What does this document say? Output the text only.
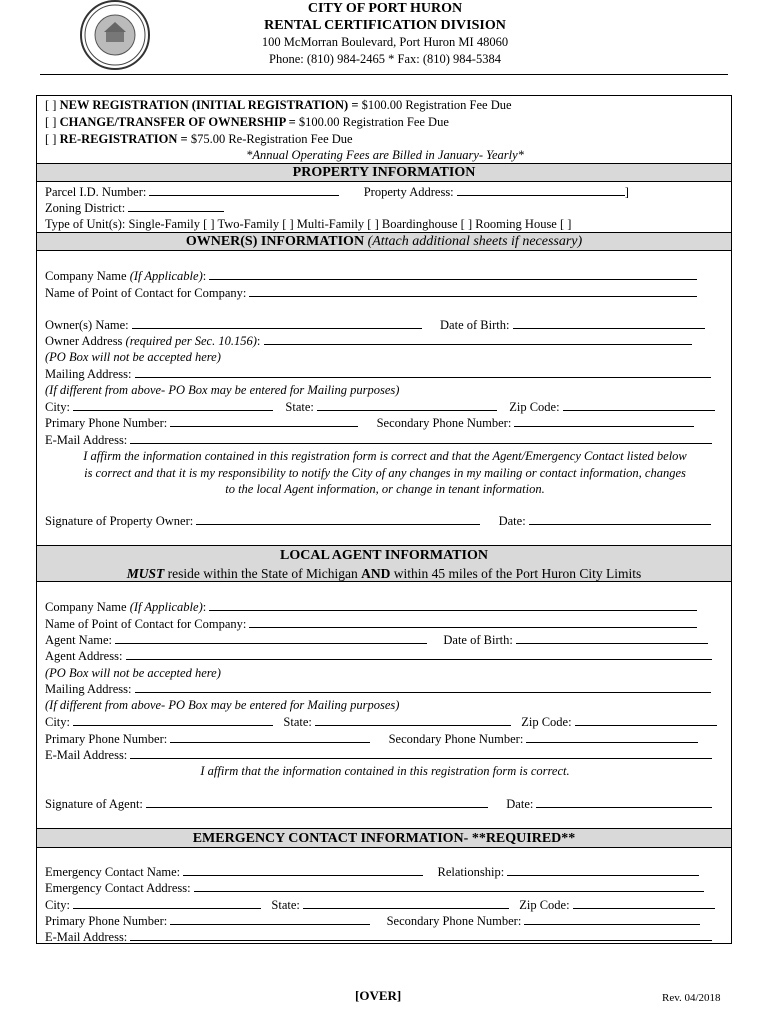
CITY OF PORT HURON
RENTAL CERTIFICATION DIVISION
100 McMorran Boulevard, Port Huron MI 48060
Phone: (810) 984-2465 * Fax: (810) 984-5384
[ ] NEW REGISTRATION (INITIAL REGISTRATION) = $100.00 Registration Fee Due
[ ] CHANGE/TRANSFER OF OWNERSHIP = $100.00 Registration Fee Due
[ ] RE-REGISTRATION = $75.00 Re-Registration Fee Due
*Annual Operating Fees are Billed in January- Yearly*
PROPERTY INFORMATION
Parcel I.D. Number:	Property Address:	]
Zoning District:
Type of Unit(s): Single-Family [ ] Two-Family [ ] Multi-Family [ ] Boardinghouse [ ] Rooming House [ ]
OWNER(S) INFORMATION (Attach additional sheets if necessary)
Company Name (If Applicable):
Name of Point of Contact for Company:
Owner(s) Name:	Date of Birth:
Owner Address (required per Sec. 10.156):
(PO Box will not be accepted here)
Mailing Address:
(If different from above- PO Box may be entered for Mailing purposes)
City:	State:	Zip Code:
Primary Phone Number:	Secondary Phone Number:
E-Mail Address:
I affirm the information contained in this registration form is correct and that the Agent/Emergency Contact listed below
is correct and that it is my responsibility to notify the City of any changes in my mailing or contact information, changes
to the local Agent information, or change in tenant information.
Signature of Property Owner:	Date:
LOCAL AGENT INFORMATION
MUST reside within the State of Michigan AND within 45 miles of the Port Huron City Limits
Company Name (If Applicable):
Name of Point of Contact for Company:
Agent Name:	Date of Birth:
Agent Address:
(PO Box will not be accepted here)
Mailing Address:
(If different from above- PO Box may be entered for Mailing purposes)
City:	State:	Zip Code:
Primary Phone Number:	Secondary Phone Number:
E-Mail Address:
I affirm that the information contained in this registration form is correct.
Signature of Agent:	Date:
EMERGENCY CONTACT INFORMATION- **REQUIRED**
Emergency Contact Name:	Relationship:
Emergency Contact Address:
City:	State:	Zip Code:
Primary Phone Number:	Secondary Phone Number:
E-Mail Address:
[OVER]	Rev. 04/2018
